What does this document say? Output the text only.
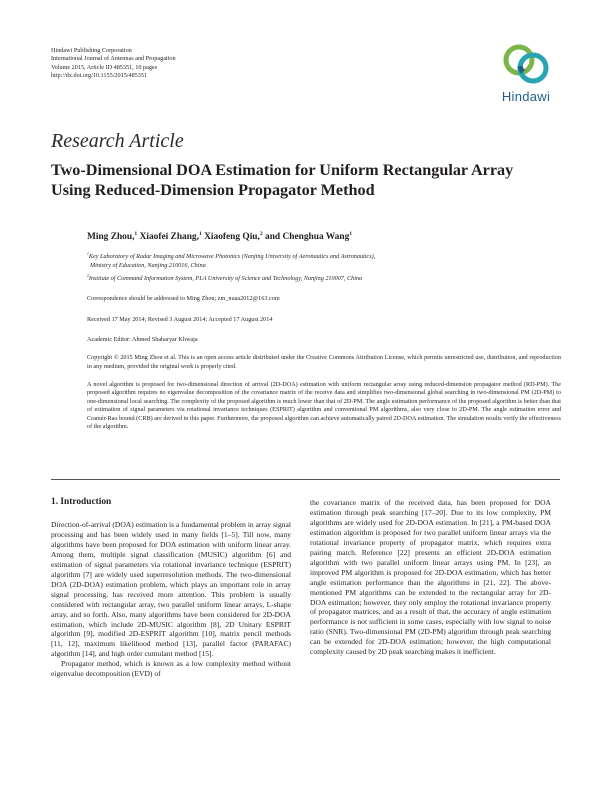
Hindawi Publishing Corporation
International Journal of Antennas and Propagation
Volume 2015, Article ID 485351, 10 pages
http://dx.doi.org/10.1155/2015/485351
Hindawi
Research Article
Two-Dimensional DOA Estimation for Uniform Rectangular Array Using Reduced-Dimension Propagator Method
Ming Zhou,$^1$ Xiaofei Zhang,$^1$ Xiaofeng Qiu,$^2$ and Chenghua Wang$^1$
$^1$Key Laboratory of Radar Imaging and Microwave Photonics (Nanjing University of Aeronautics and Astronautics),
Ministry of Education, Nanjing 210016, China
$^2$Institute of Command Information System, PLA University of Science and Technology, Nanjing 210007, China
Correspondence should be addressed to Ming Zhou; zm_nuaa2012@163.com
Received 17 May 2014; Revised 3 August 2014; Accepted 17 August 2014
Academic Editor: Ahmed Shaharyar Khwaja
Copyright © 2015 Ming Zhou et al. This is an open access article distributed under the Creative Commons Attribution License, which permits unrestricted use, distribution, and reproduction in any medium, provided the original work is properly cited.
A novel algorithm is proposed for two-dimensional direction of arrival (2D-DOA) estimation with uniform rectangular array using reduced-dimension propagator method (RD-PM). The proposed algorithm requires no eigenvalue decomposition of the covariance matrix of the receive data and simplifies two-dimensional global searching in two-dimensional PM (2D-PM) to one-dimensional local searching. The complexity of the proposed algorithm is much lower than that of 2D-PM. The angle estimation performance of the proposed algorithm is better than that of estimation of signal parameters via rotational invariance techniques (ESPRIT) algorithm and conventional PM algorithms, also very close to 2D-PM. The angle estimation error and Cramér-Rao bound (CRB) are derived in this paper. Furthermore, the proposed algorithm can achieve automatically paired 2D-DOA estimation. The simulation results verify the effectiveness of the algorithm.
1. Introduction

Direction-of-arrival (DOA) estimation is a fundamental problem in array signal processing and has been widely used in many fields [1–5]. Till now, many algorithms have been proposed for DOA estimation with uniform linear array. Among them, multiple signal classification (MUSIC) algorithm [6] and estimation of signal parameters via rotational invariance technique (ESPRIT) algorithm [7] are widely used superresolution methods. The two-dimensional DOA (2D-DOA) estimation problem, which plays an important role in array signal processing, has received more attention. This problem is usually considered with rectangular array, two parallel uniform linear arrays, L-shape array, and so forth. Also, many algorithms have been considered for 2D-DOA estimation, which include 2D-MUSIC algorithm [8], 2D Unitary ESPRIT algorithm [9], modified 2D-ESPRIT algorithm [10], matrix pencil methods [11, 12], maximum likelihood method [13], parallel factor (PARAFAC) algorithm [14], and high order cumulant method [15].

Propagator method, which is known as a low complexity method without eigenvalue decomposition (EVD) of

the covariance matrix of the received data, has been proposed for DOA estimation through peak searching [17–20]. Due to its low complexity, PM algorithms are widely used for 2D-DOA estimation. In [21], a PM-based DOA estimation algorithm is proposed for two parallel uniform linear arrays via the rotational invariance property of propagator matrix, which requires extra pairing match. Reference [22] presents an efficient 2D-DOA estimation algorithm with two parallel uniform linear arrays using PM. In [23], an improved PM algorithm is proposed for 2D-DOA estimation, which has better angle estimation performance than the algorithms in [21, 22]. The above-mentioned PM algorithms can be extended to the rectangular array for 2D-DOA estimation; however, they only employ the rotational invariance property of propagator matrices, and as a result of that, the accuracy of angle estimation performance is not sufficient in some cases, especially with low signal to noise ratio (SNR). Two-dimensional PM (2D-PM) algorithm through peak searching can be extended for 2D-DOA estimation; however, the high computational complexity caused by 2D peak searching makes it inefficient.
